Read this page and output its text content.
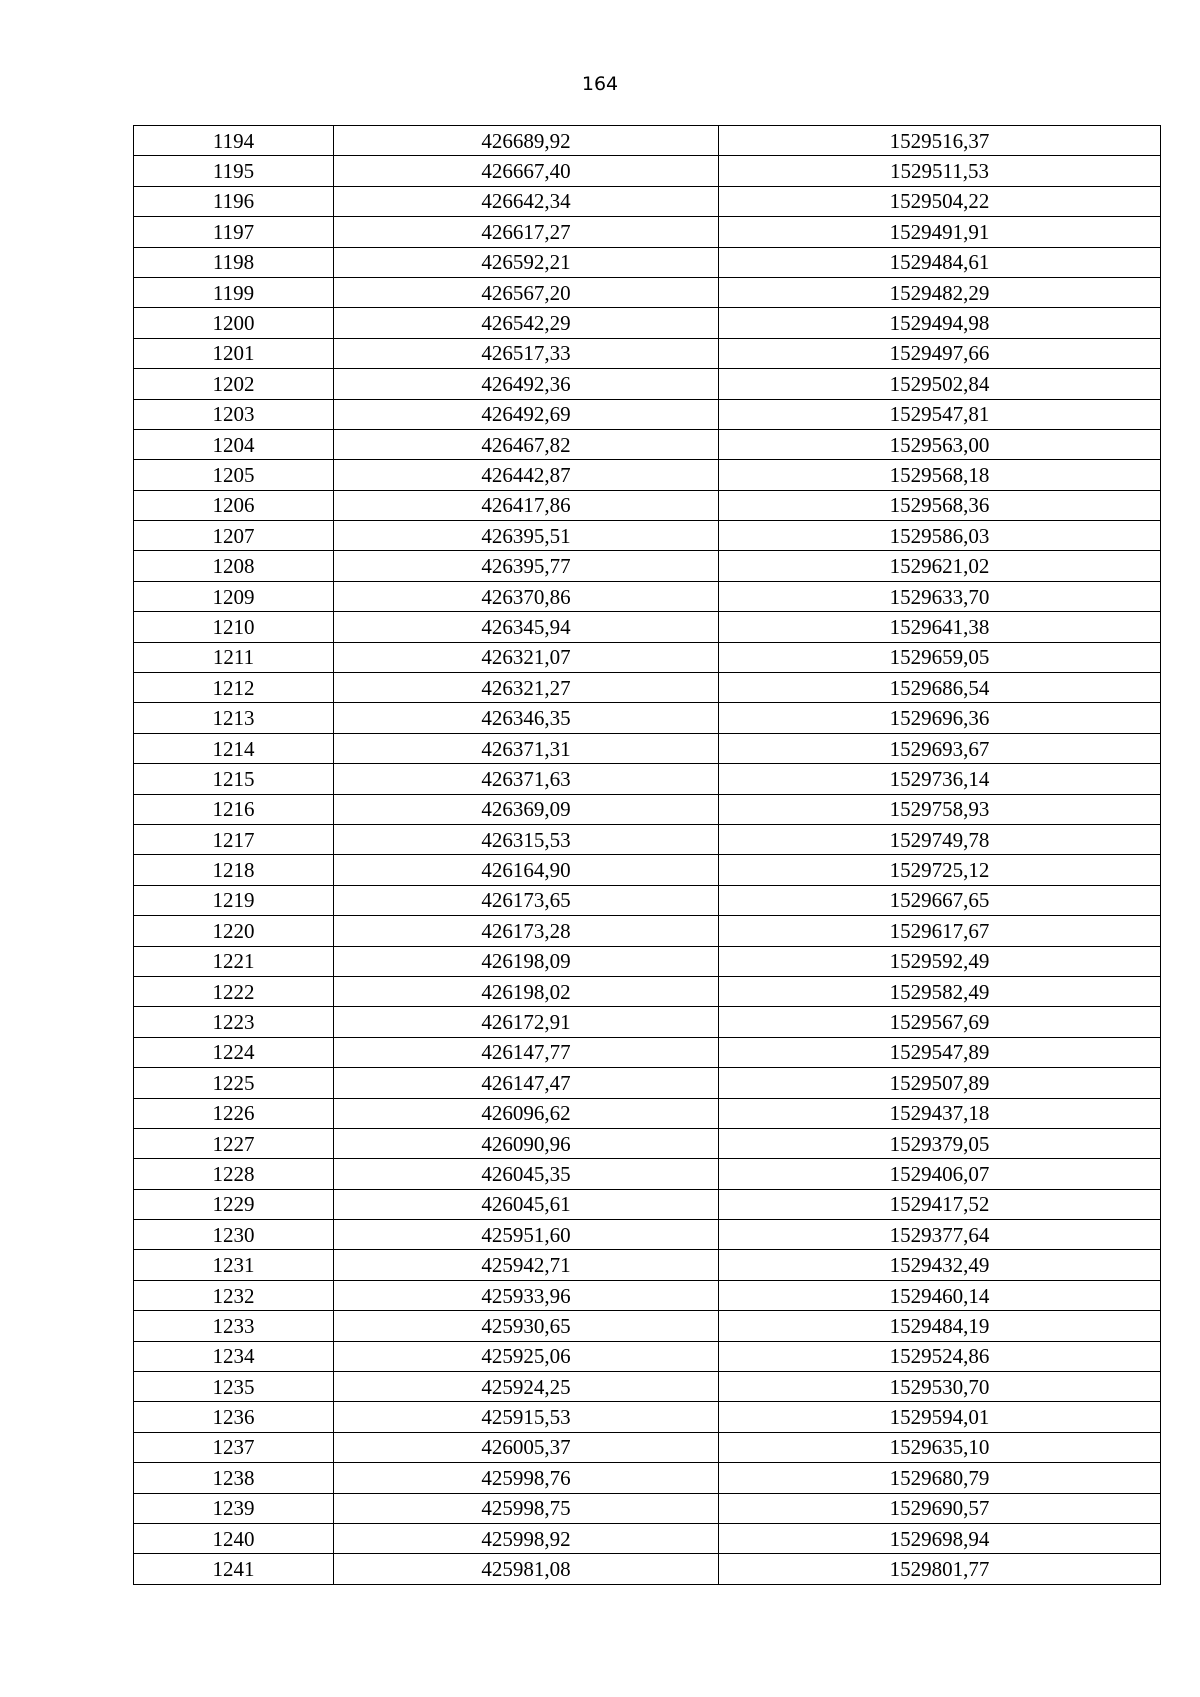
164
1194	426689,92	1529516,37
1195	426667,40	1529511,53
1196	426642,34	1529504,22
1197	426617,27	1529491,91
1198	426592,21	1529484,61
1199	426567,20	1529482,29
1200	426542,29	1529494,98
1201	426517,33	1529497,66
1202	426492,36	1529502,84
1203	426492,69	1529547,81
1204	426467,82	1529563,00
1205	426442,87	1529568,18
1206	426417,86	1529568,36
1207	426395,51	1529586,03
1208	426395,77	1529621,02
1209	426370,86	1529633,70
1210	426345,94	1529641,38
1211	426321,07	1529659,05
1212	426321,27	1529686,54
1213	426346,35	1529696,36
1214	426371,31	1529693,67
1215	426371,63	1529736,14
1216	426369,09	1529758,93
1217	426315,53	1529749,78
1218	426164,90	1529725,12
1219	426173,65	1529667,65
1220	426173,28	1529617,67
1221	426198,09	1529592,49
1222	426198,02	1529582,49
1223	426172,91	1529567,69
1224	426147,77	1529547,89
1225	426147,47	1529507,89
1226	426096,62	1529437,18
1227	426090,96	1529379,05
1228	426045,35	1529406,07
1229	426045,61	1529417,52
1230	425951,60	1529377,64
1231	425942,71	1529432,49
1232	425933,96	1529460,14
1233	425930,65	1529484,19
1234	425925,06	1529524,86
1235	425924,25	1529530,70
1236	425915,53	1529594,01
1237	426005,37	1529635,10
1238	425998,76	1529680,79
1239	425998,75	1529690,57
1240	425998,92	1529698,94
1241	425981,08	1529801,77
